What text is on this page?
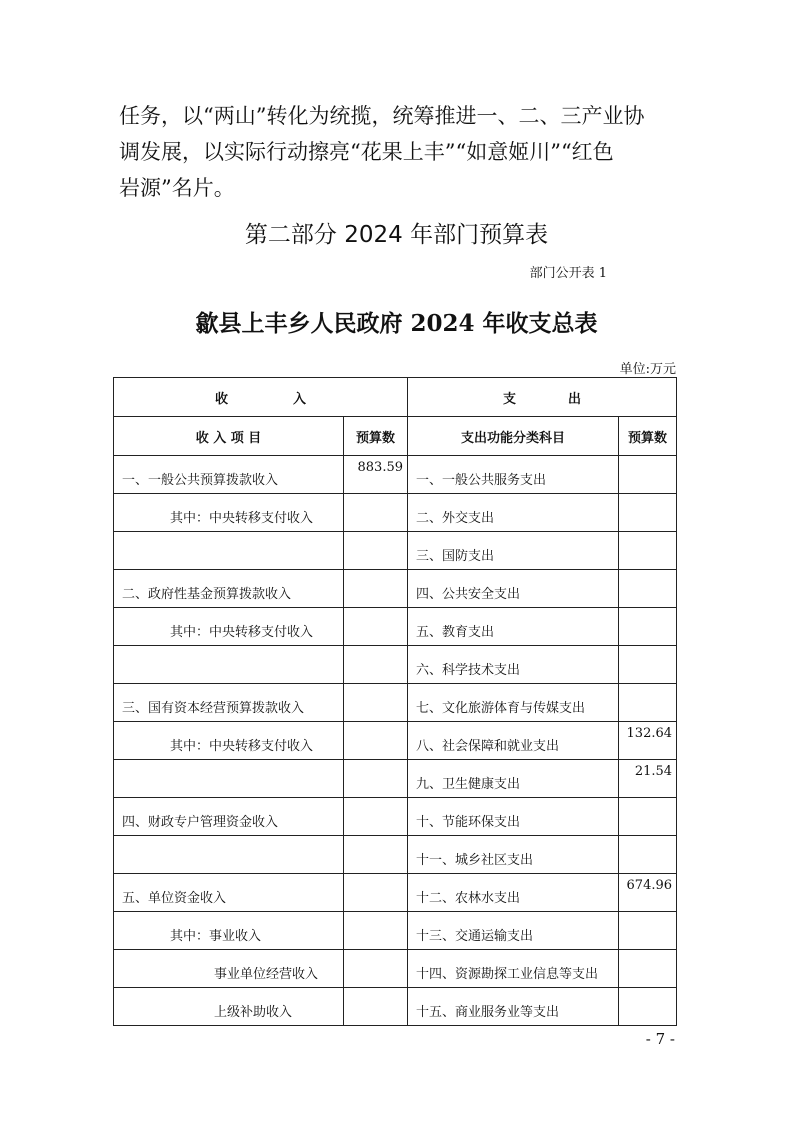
任务，以“两山”转化为统揽，统筹推进一、二、三产业协

调发展，以实际行动擦亮“花果上丰”“如意姬川”“红色

岩源”名片。

第二部分 2024 年部门预算表
部门公开表 1
歙县上丰乡人民政府 2024 年收支总表
单位:万元
收　　　　　入		支　　　　出	
收 入 项 目	预算数	支出功能分类科目	预算数

一、一般公共预算拨款收入	883.59	一、一般公共服务支出	

其中：中央转移支付收入		二、外交支出	

		三、国防支出	

二、政府性基金预算拨款收入		四、公共安全支出	

其中：中央转移支付收入		五、教育支出	

		六、科学技术支出	

三、国有资本经营预算拨款收入		七、文化旅游体育与传媒支出	

其中：中央转移支付收入		八、社会保障和就业支出	132.64

		九、卫生健康支出	21.54

四、财政专户管理资金收入		十、节能环保支出	

		十一、城乡社区支出	

五、单位资金收入		十二、农林水支出	674.96

其中：事业收入		十三、交通运输支出	

事业单位经营收入		十四、资源勘探工业信息等支出	

上级补助收入		十五、商业服务业等支出	

- 7 -
